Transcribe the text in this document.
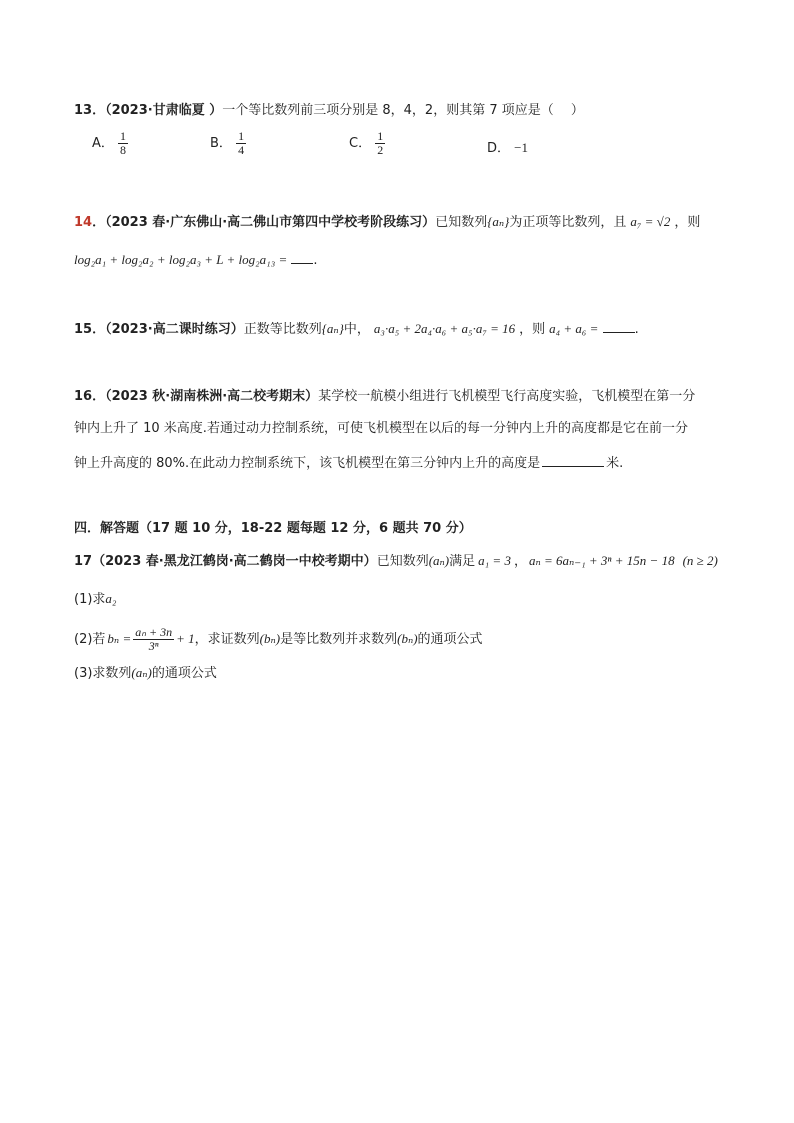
13．（2023·甘肃临夏 ）一个等比数列前三项分别是 8，4，2，则其第 7 项应是（　 ）
A． $\frac{1}{8}$	B． $\frac{1}{4}$	C． $\frac{1}{2}$	D． −1
14．（2023 春·广东佛山·高二佛山市第四中学校考阶段练习）已知数列{aₙ}为正项等比数列，且 a₇ = √2 ，则
log₂a₁ + log₂a₂ + log₂a₃ + L + log₂a₁₃ = .
15．（2023·高二课时练习）正数等比数列{aₙ}中， a₃·a₅ + 2a₄·a₆ + a₅·a₇ = 16 ，则 a₄ + a₆ =	.
16．（2023 秋·湖南株洲·高二校考期末）某学校一航模小组进行飞机模型飞行高度实验，飞机模型在第一分
钟内上升了 10 米高度.若通过动力控制系统，可使飞机模型在以后的每一分钟内上升的高度都是它在前一分
钟上升高度的 80%.在此动力控制系统下，该飞机模型在第三分钟内上升的高度是	米.
四．解答题（17 题 10 分，18-22 题每题 12 分，6 题共 70 分）
17（2023 春·黑龙江鹤岗·高二鹤岗一中校考期中）已知数列(aₙ)满足 a₁ = 3 ， aₙ = 6aₙ₋₁ + 3ⁿ + 15n − 18 (n ≥ 2)
(1)求a₂
(2)若 $b_n = \frac{\text{aₙ + 3n}}{\text{3ⁿ}} + 1$，求证数列(bₙ)是等比数列并求数列(bₙ)的通项公式
(3)求数列(aₙ)的通项公式
